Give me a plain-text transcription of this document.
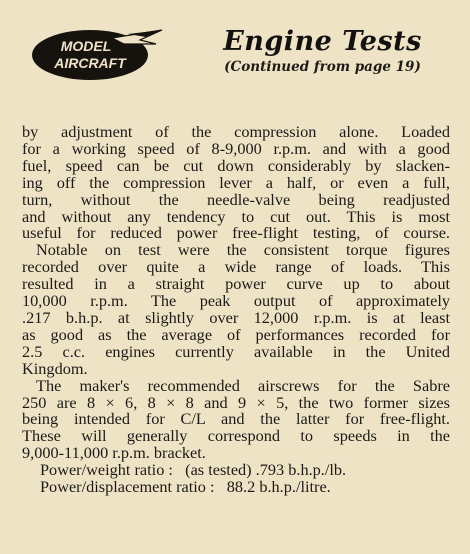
MODEL
AIRCRAFT
Engine Tests

(Continued from page 19)

by adjustment of the compression alone. Loaded
for a working speed of 8-9,000 r.p.m. and with a good
fuel, speed can be cut down considerably by slacken-
ing off the compression lever a half, or even a full,
turn, without the needle-valve being readjusted
and without any tendency to cut out. This is most
useful for reduced power free-flight testing, of course.
Notable on test were the consistent torque figures
recorded over quite a wide range of loads. This
resulted in a straight power curve up to about
10,000 r.p.m. The peak output of approximately
.217 b.h.p. at slightly over 12,000 r.p.m. is at least
as good as the average of performances recorded for
2.5 c.c. engines currently available in the United
Kingdom.
The maker's recommended airscrews for the Sabre
250 are 8 × 6, 8 × 8 and 9 × 5, the two former sizes
being intended for C/L and the latter for free-flight.
These will generally correspond to speeds in the
9,000-11,000 r.p.m. bracket.
Power/weight ratio : (as tested) .793 b.h.p./lb.
Power/displacement ratio : 88.2 b.h.p./litre.
